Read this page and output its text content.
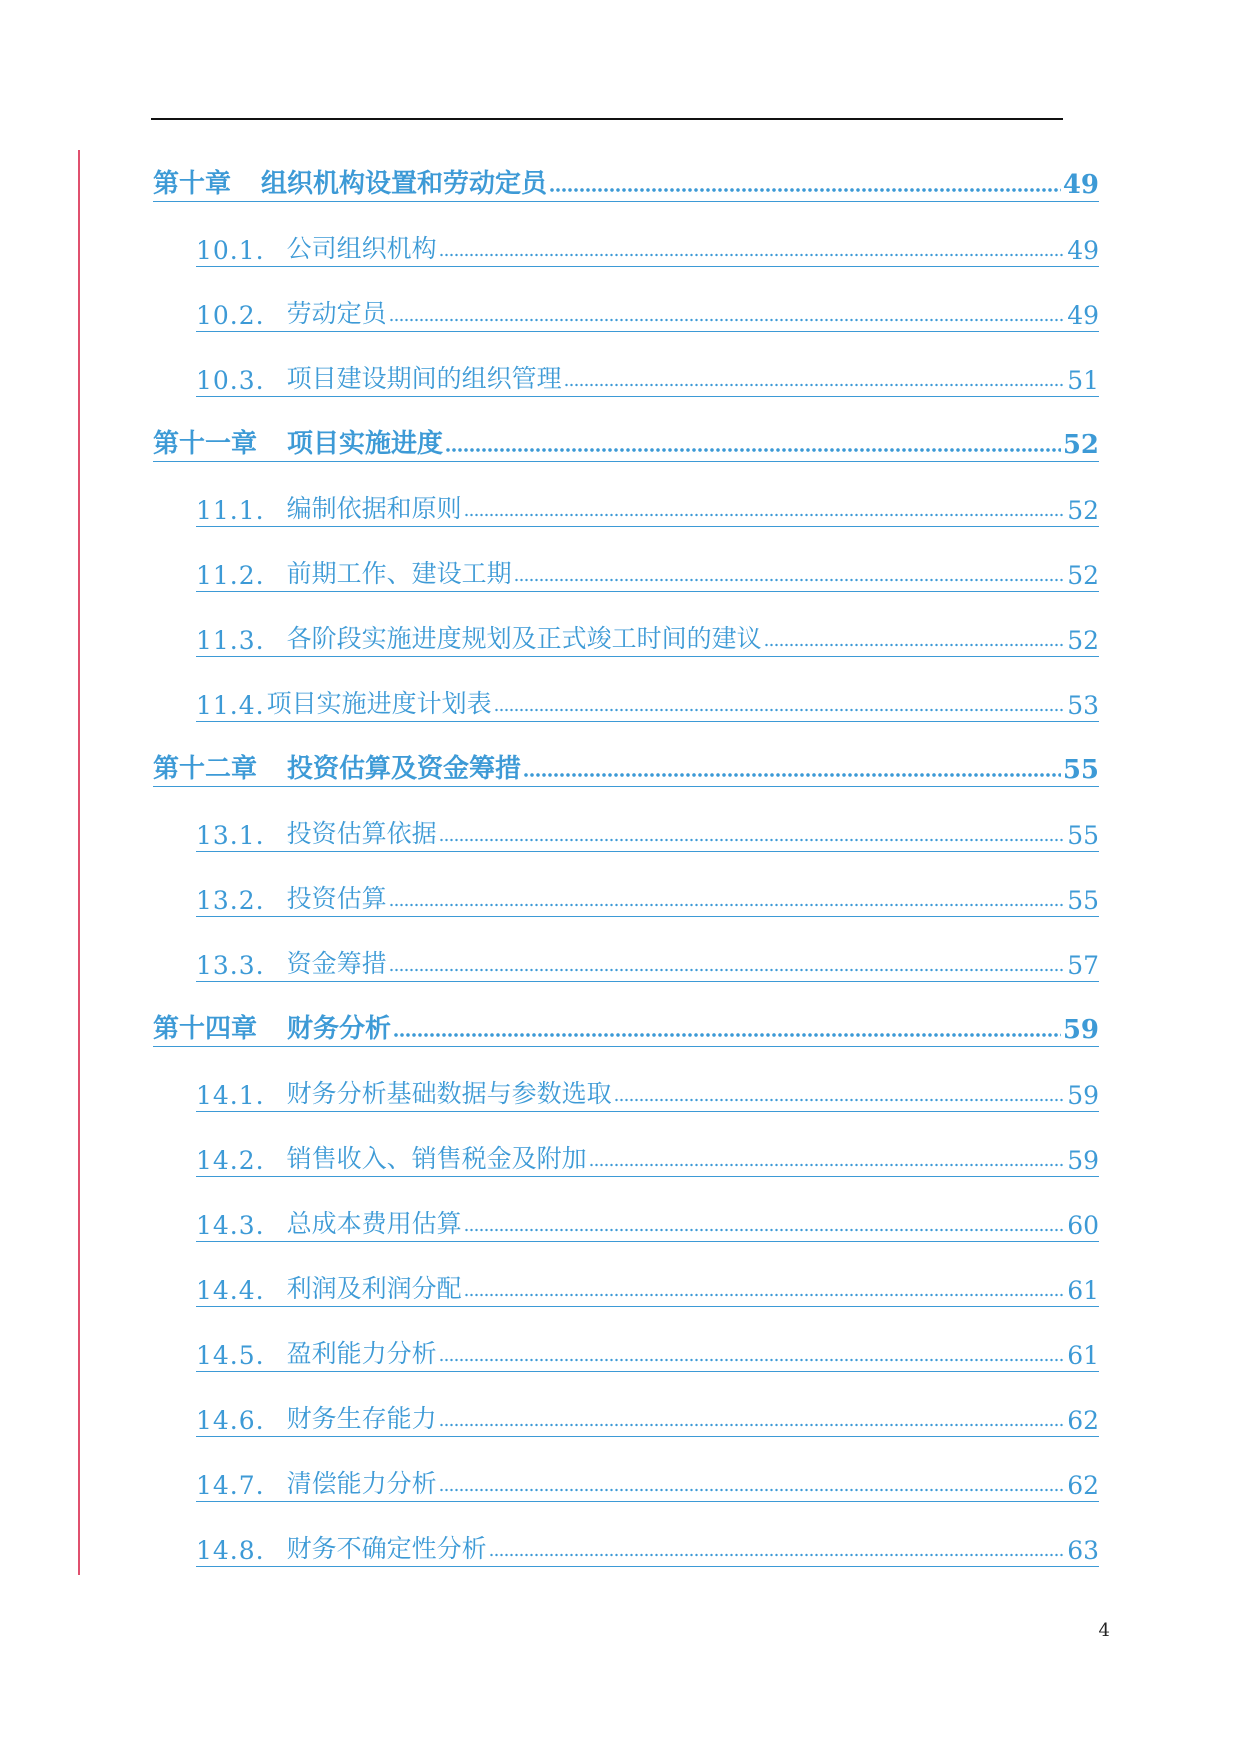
第十章 组织机构设置和劳动定员	49
10.1. 公司组织机构	49
10.2. 劳动定员	49
10.3. 项目建设期间的组织管理	51
第十一章 项目实施进度	52
11.1. 编制依据和原则	52
11.2. 前期工作、建设工期	52
11.3. 各阶段实施进度规划及正式竣工时间的建议	52
11.4. 项目实施进度计划表	53
第十二章 投资估算及资金筹措	55
13.1. 投资估算依据	55
13.2. 投资估算	55
13.3. 资金筹措	57
第十四章 财务分析	59
14.1. 财务分析基础数据与参数选取	59
14.2. 销售收入、销售税金及附加	59
14.3. 总成本费用估算	60
14.4. 利润及利润分配	61
14.5. 盈利能力分析	61
14.6. 财务生存能力	62
14.7. 清偿能力分析	62
14.8. 财务不确定性分析	63
4
